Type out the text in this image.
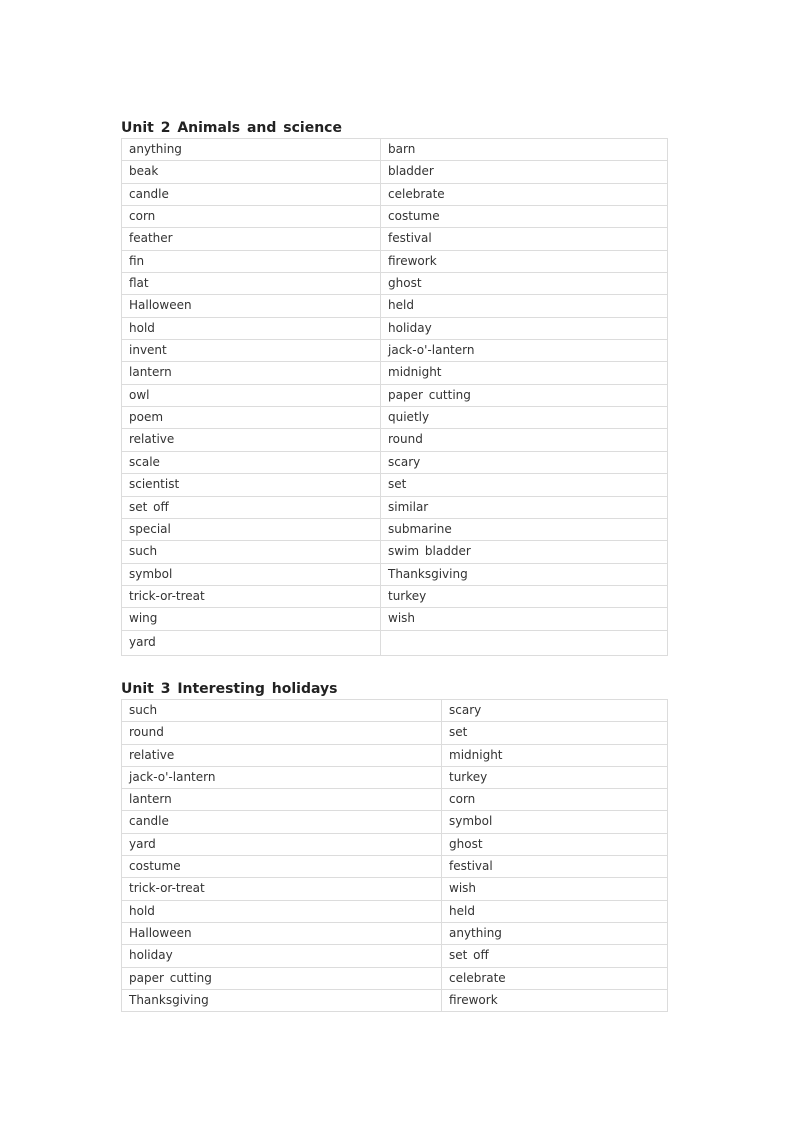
Unit 2 Animals and science
anything	barn
beak	bladder
candle	celebrate
corn	costume
feather	festival
fin	firework
flat	ghost
Halloween	held
hold	holiday
invent	jack-o'-lantern
lantern	midnight
owl	paper cutting
poem	quietly
relative	round
scale	scary
scientist	set
set off	similar
special	submarine
such	swim bladder
symbol	Thanksgiving
trick-or-treat	turkey
wing	wish
yard	
Unit 3 Interesting holidays
such	scary
round	set
relative	midnight
jack-o'-lantern	turkey
lantern	corn
candle	symbol
yard	ghost
costume	festival
trick-or-treat	wish
hold	held
Halloween	anything
holiday	set off
paper cutting	celebrate
Thanksgiving	firework
